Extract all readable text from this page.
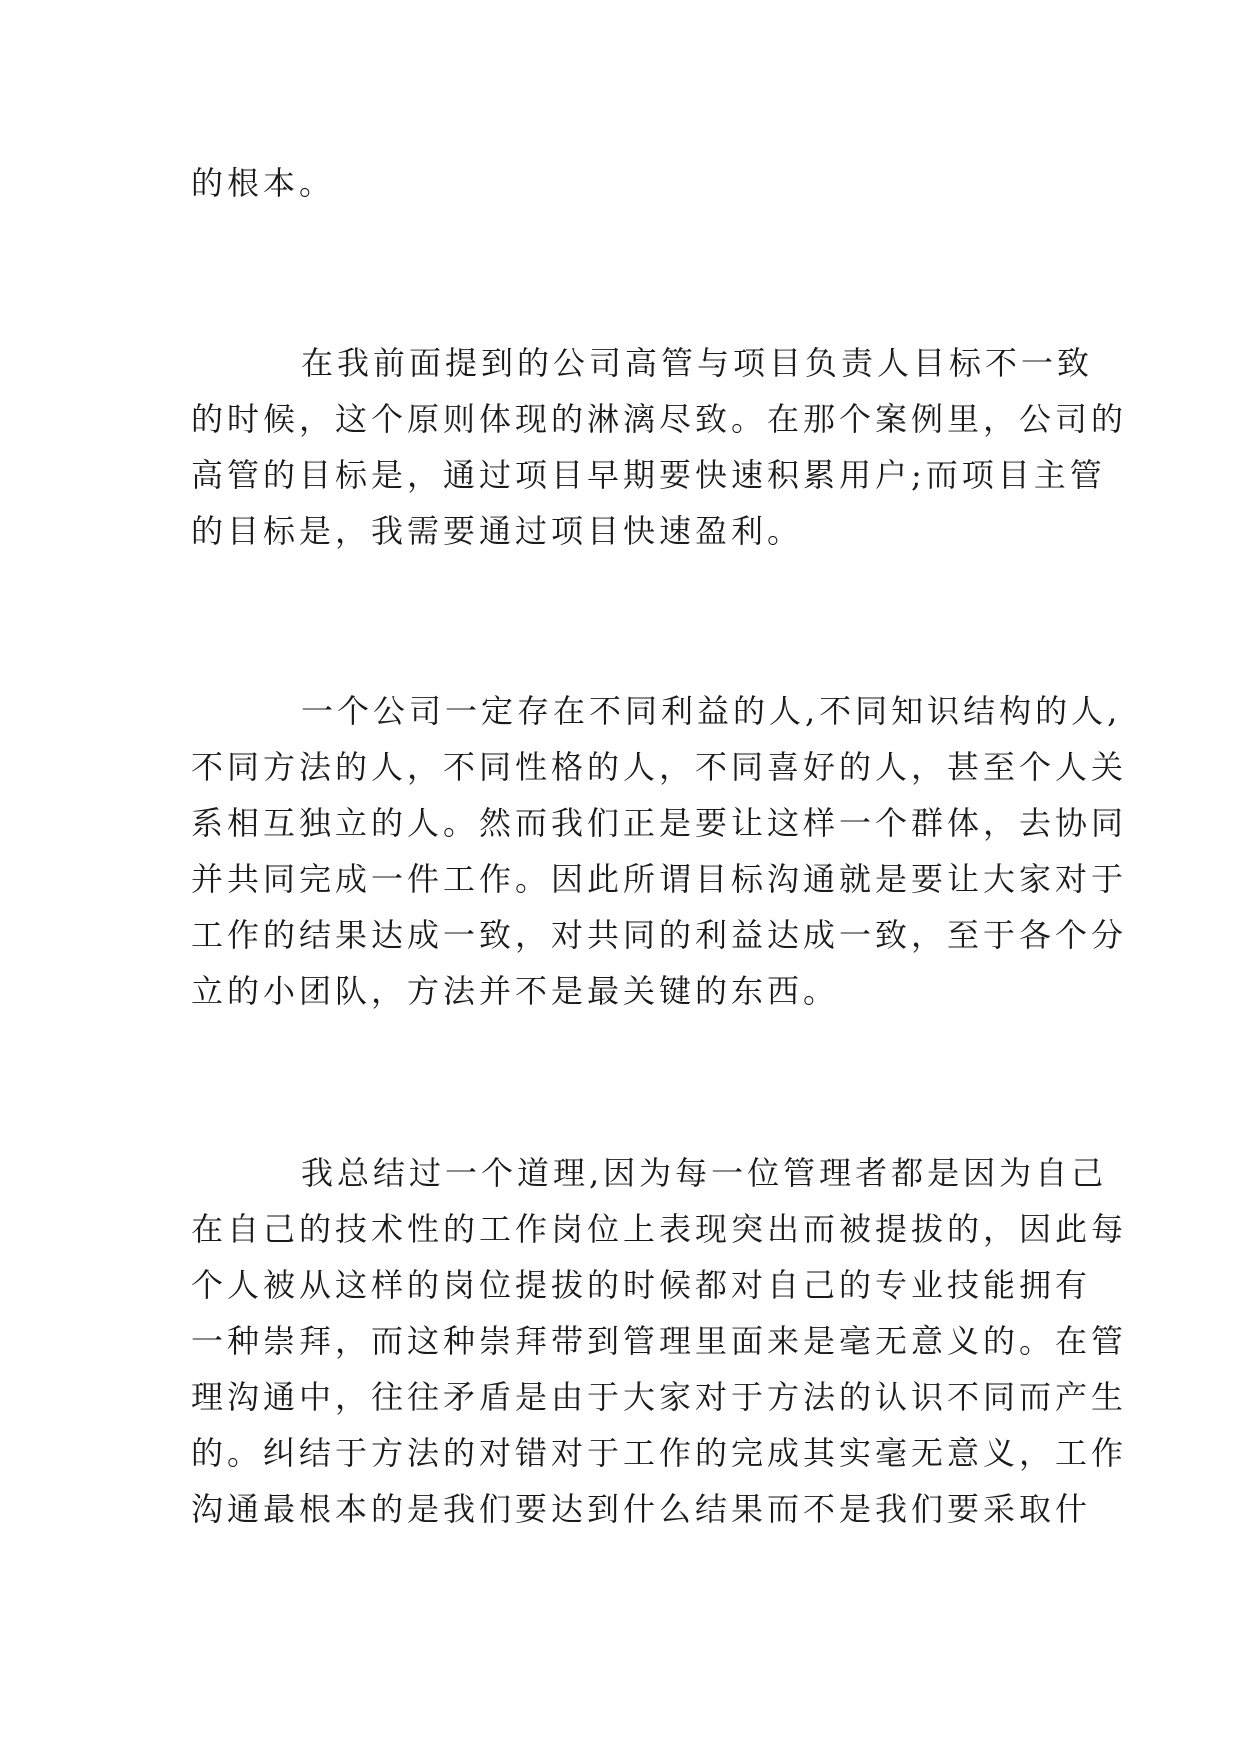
的根本。
在我前面提到的公司高管与项目负责人目标不一致
的时候，这个原则体现的淋漓尽致。在那个案例里，公司的
高管的目标是，通过项目早期要快速积累用户;而项目主管
的目标是，我需要通过项目快速盈利。
一个公司一定存在不同利益的人,不同知识结构的人,
不同方法的人，不同性格的人，不同喜好的人，甚至个人关
系相互独立的人。然而我们正是要让这样一个群体，去协同
并共同完成一件工作。因此所谓目标沟通就是要让大家对于
工作的结果达成一致，对共同的利益达成一致，至于各个分
立的小团队，方法并不是最关键的东西。
我总结过一个道理,因为每一位管理者都是因为自己
在自己的技术性的工作岗位上表现突出而被提拔的，因此每
个人被从这样的岗位提拔的时候都对自己的专业技能拥有
一种崇拜，而这种崇拜带到管理里面来是毫无意义的。在管
理沟通中，往往矛盾是由于大家对于方法的认识不同而产生
的。纠结于方法的对错对于工作的完成其实毫无意义，工作
沟通最根本的是我们要达到什么结果而不是我们要采取什
